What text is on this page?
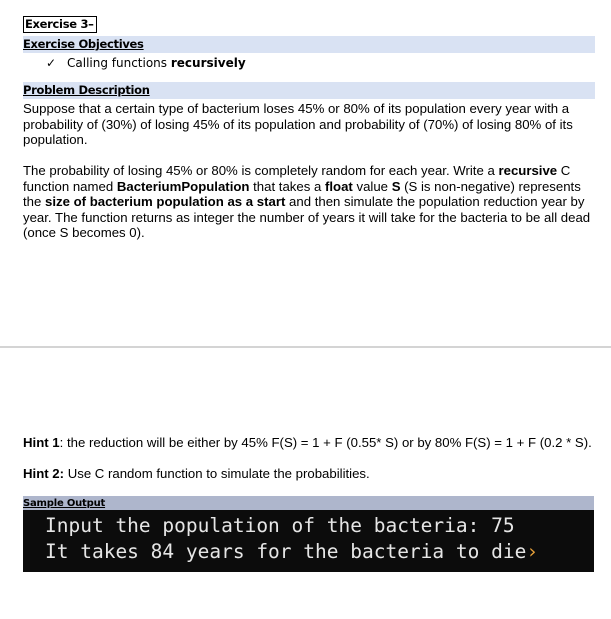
Exercise 3–
Exercise Objectives
✓ Calling functions recursively
Problem Description

Suppose that a certain type of bacterium loses 45% or 80% of its population every year with a probability of (30%) of losing 45% of its population and probability of (70%) of losing 80% of its population.

The probability of losing 45% or 80% is completely random for each year. Write a recursive C function named BacteriumPopulation that takes a float value S (S is non-negative) represents the size of bacterium population as a start and then simulate the population reduction year by year. The function returns as integer the number of years it will take for the bacteria to be all dead (once S becomes 0).

Hint 1: the reduction will be either by 45% F(S) = 1 + F (0.55* S) or by 80% F(S) = 1 + F (0.2 * S).

Hint 2: Use C random function to simulate the probabilities.

Sample Output
Input the population of the bacteria: 75
It takes 84 years for the bacteria to die›
